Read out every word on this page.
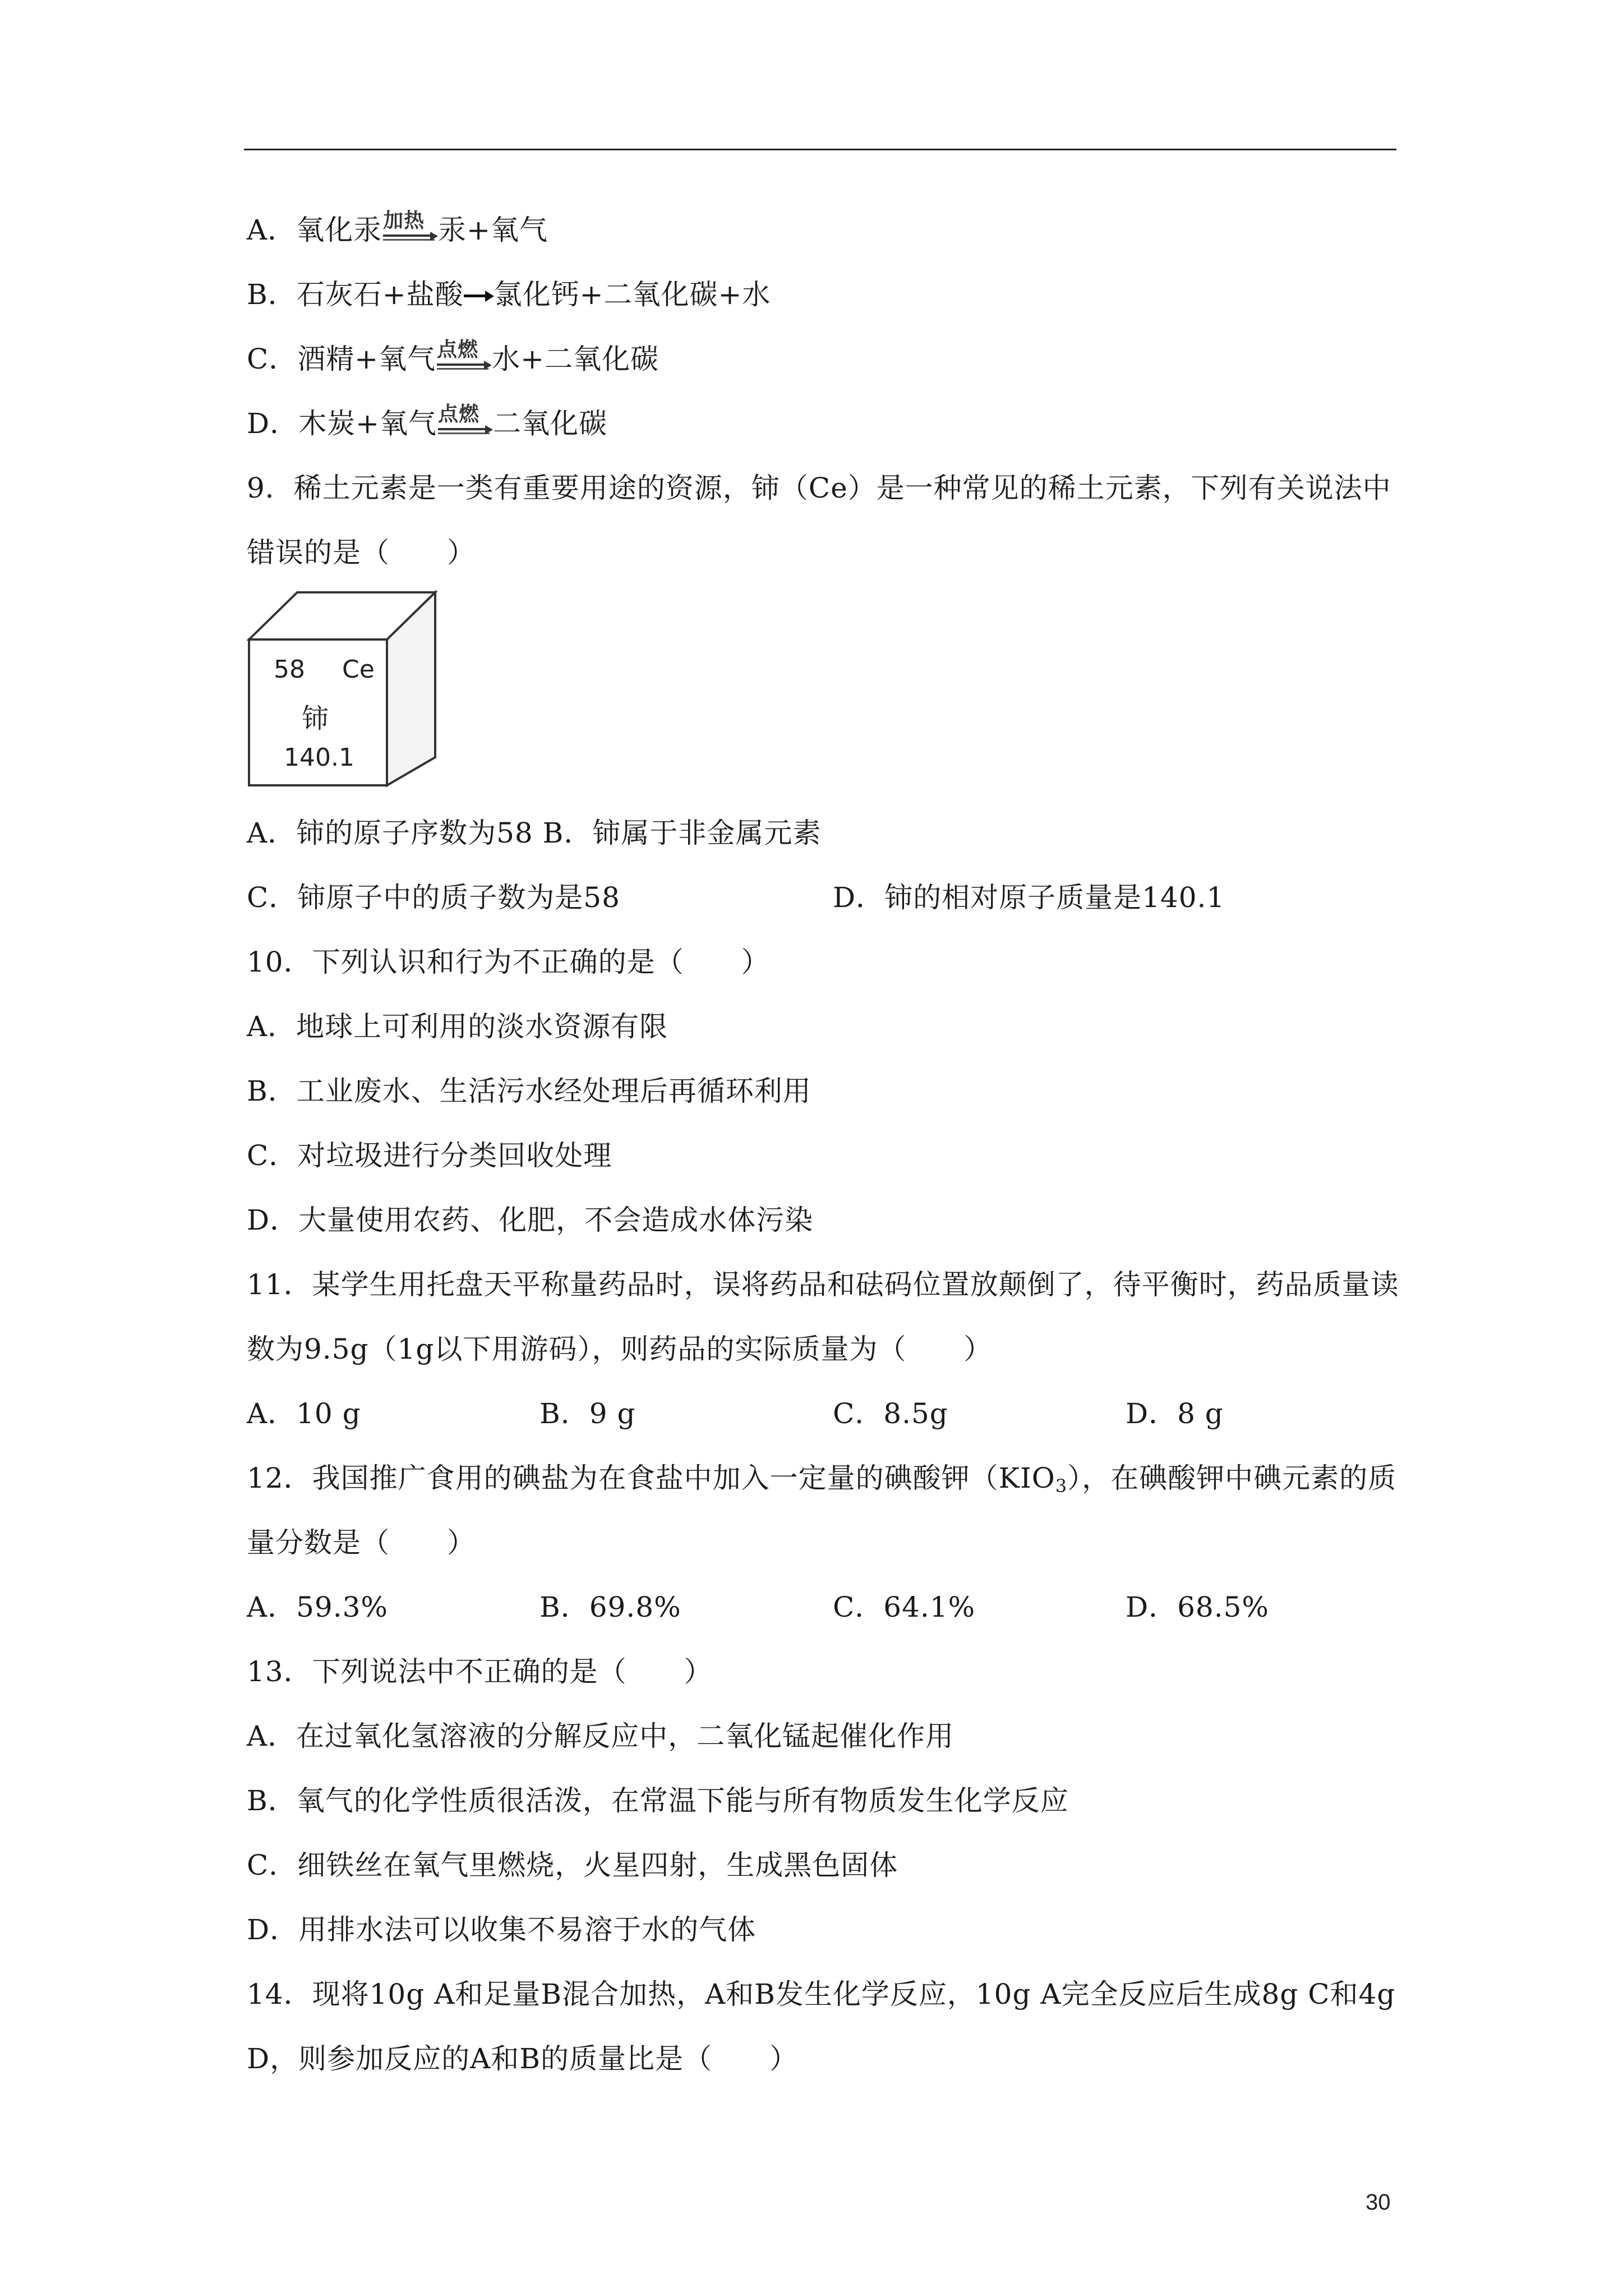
A．氧化汞 加热 汞+氧气
B．石灰石+盐酸 氯化钙+二氧化碳+水
C．酒精+氧气 点燃 水+二氧化碳
D．木炭+氧气 点燃 二氧化碳
9．稀土元素是一类有重要用途的资源，铈（Ce）是一种常见的稀土元素，下列有关说法中
错误的是（　　）
58 Ce
铈
140.1
A．铈的原子序数为58 B．铈属于非金属元素
C．铈原子中的质子数为是58	D．铈的相对原子质量是140.1
10．下列认识和行为不正确的是（　　）
A．地球上可利用的淡水资源有限
B．工业废水、生活污水经处理后再循环利用
C．对垃圾进行分类回收处理
D．大量使用农药、化肥，不会造成水体污染
11．某学生用托盘天平称量药品时，误将药品和砝码位置放颠倒了，待平衡时，药品质量读
数为9.5g（1g以下用游码），则药品的实际质量为（　　）
A．10 g	B．9 g	C．8.5g	D．8 g
12．我国推广食用的碘盐为在食盐中加入一定量的碘酸钾$(KIO_3)$，在碘酸钾中碘元素的质
量分数是（　　）
A．59.3%	B．69.8%	C．64.1%	D．68.5%
13．下列说法中不正确的是（　　）
A．在过氧化氢溶液的分解反应中，二氧化锰起催化作用
B．氧气的化学性质很活泼，在常温下能与所有物质发生化学反应
C．细铁丝在氧气里燃烧，火星四射，生成黑色固体
D．用排水法可以收集不易溶于水的气体
14．现将10g A和足量B混合加热，A和B发生化学反应，10g A完全反应后生成8g C和4g
D，则参加反应的A和B的质量比是（　　）
30
